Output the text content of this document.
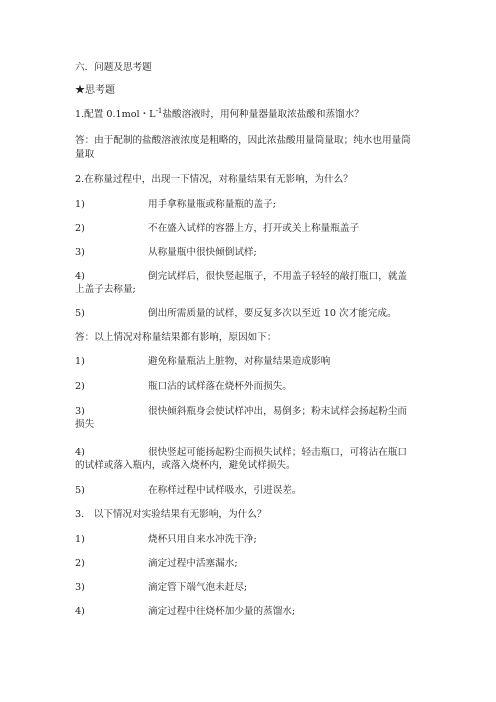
六．问题及思考题
★思考题
1.配置 0.1mol・$L^{-1}$盐酸溶液时，用何种量器量取浓盐酸和蒸馏水？
答：由于配制的盐酸溶液浓度是粗略的，因此浓盐酸用量筒量取；纯水也用量筒量取
2.在称量过程中，出现一下情况，对称量结果有无影响，为什么？
1)	用手拿称量瓶或称量瓶的盖子;
2)	不在盛入试样的容器上方，打开或关上称量瓶盖子
3)	从称量瓶中很快倾倒试样;
4)	倒完试样后，很快竖起瓶子，不用盖子轻轻的敲打瓶口，就盖
上盖子去称量;
5)	倒出所需质量的试样，要反复多次以至近 10 次才能完成。
答：以上情况对称量结果都有影响，原因如下：
1)	避免称量瓶沾上脏物，对称量结果造成影响
2)	瓶口沾的试样落在烧杯外而损失。
3)	很快倾斜瓶身会使试样冲出，易倒多；粉末试样会扬起粉尘而
损失
4)	很快竖起可能扬起粉尘而损失试样；轻击瓶口，可将沾在瓶口
的试样或落入瓶内，或落入烧杯内，避免试样损失。
5)	在称样过程中试样吸水，引进误差。
3.　以下情况对实验结果有无影响，为什么？
1)	烧杯只用自来水冲洗干净;
2)	滴定过程中活塞漏水;
3)	滴定管下端气泡未赶尽;
4)	滴定过程中往烧杯加少量的蒸馏水;
